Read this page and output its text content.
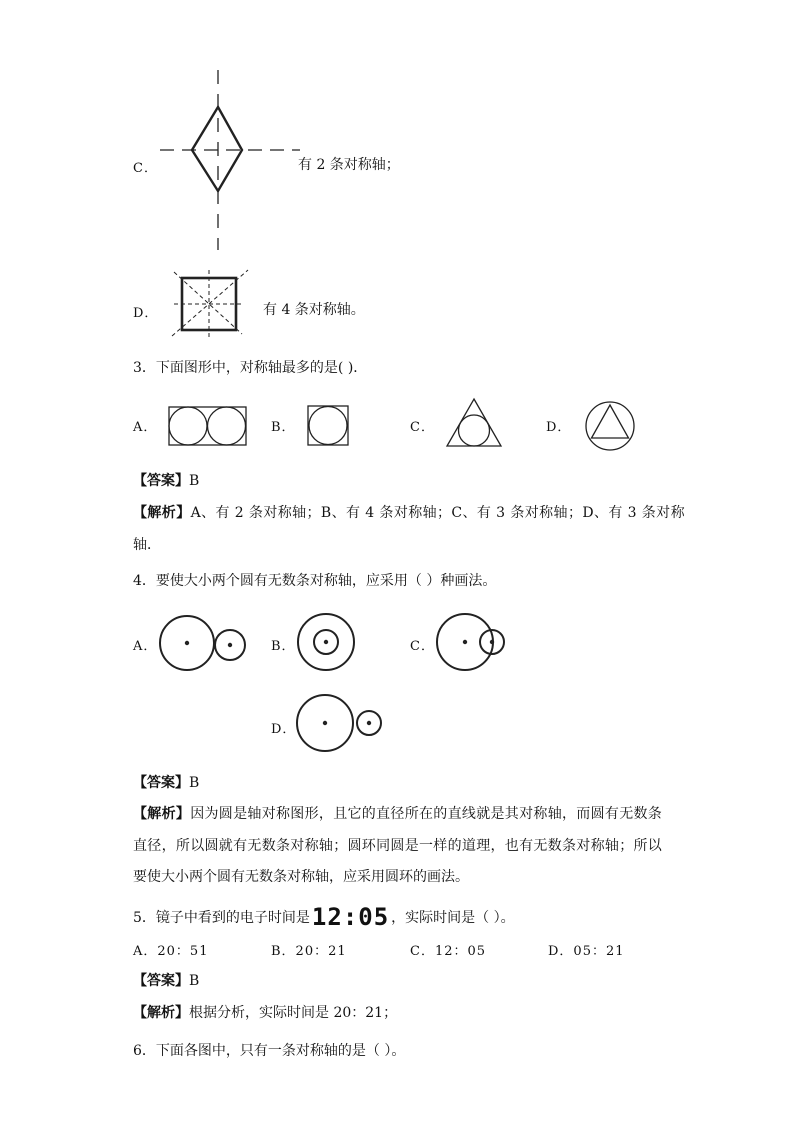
C．	有 2 条对称轴；
D．	有 4 条对称轴。
3．下面图形中，对称轴最多的是( )．
A．	B．	C．	D．
【答案】B
【解析】A、有 2 条对称轴；B、有 4 条对称轴；C、有 3 条对称轴；D、有 3 条对称
轴．
4．要使大小两个圆有无数条对称轴，应采用（ ）种画法。
A．	B．	C．
D．
【答案】B
【解析】因为圆是轴对称图形，且它的直径所在的直线就是其对称轴，而圆有无数条
直径，所以圆就有无数条对称轴；圆环同圆是一样的道理，也有无数条对称轴；所以
要使大小两个圆有无数条对称轴，应采用圆环的画法。
5．镜子中看到的电子时间是 12:05 ，实际时间是（ ）。
A．20：51	B．20：21	C．12：05	D．05：21
【答案】B
【解析】根据分析，实际时间是 20：21；
6．下面各图中，只有一条对称轴的是（ ）。
